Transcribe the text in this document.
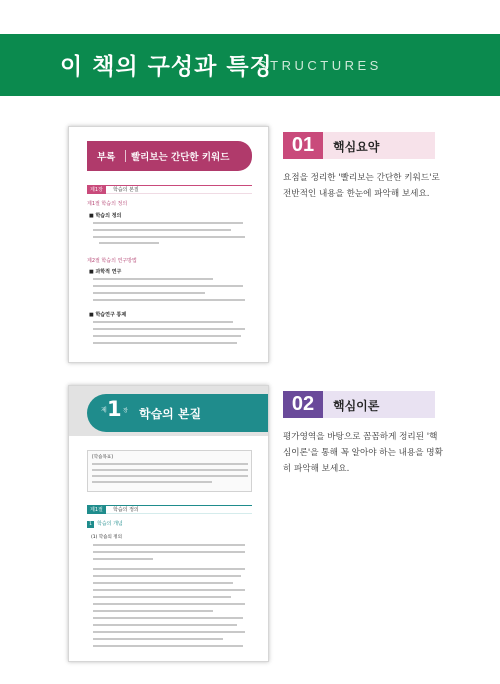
이 책의 구성과 특징
STRUCTURES
부록 빨리보는 간단한 키워드
제1장	학습의 본질
제1절 학습의 정의
■ 학습의 정의
제2절 학습의 연구방법
■ 과학적 연구
■ 학습연구 통제
제 1 장 학습의 본질
[학습목표]
제1절	학습의 정의
1	학습의 개념
(1) 학습의 정의
01	핵심요약
요점을 정리한 '빨리보는 간단한 키워드'로 전반적인 내용을 한눈에 파악해 보세요.
02	핵심이론
평가영역을 바탕으로 꼼꼼하게 정리된 '핵심이론'을 통해 꼭 알아야 하는 내용을 명확히 파악해 보세요.
